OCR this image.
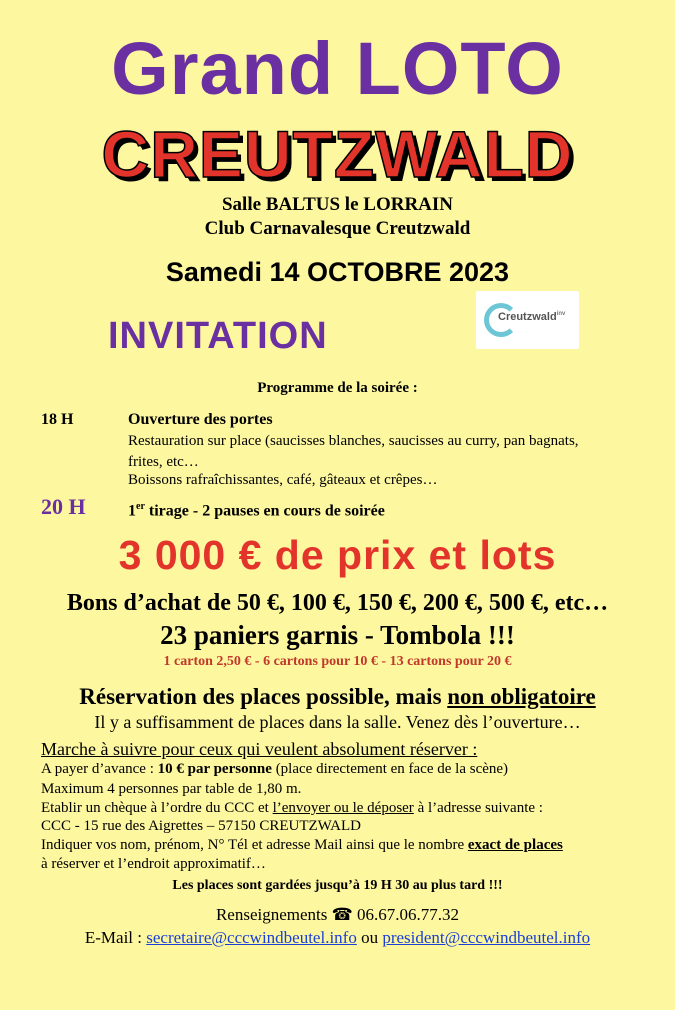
Grand LOTO
CREUTZWALD
Salle BALTUS le LORRAIN
Club Carnavalesque Creutzwald
Samedi 14 OCTOBRE 2023
INVITATION	Creutzwald$^{inv}$
Programme de la soirée :
18 H	Ouverture des portes
Restauration sur place (saucisses blanches, saucisses au curry, pan bagnats,
frites, etc…
Boissons rafraîchissantes, café, gâteaux et crêpes…
20 H	1er tirage - 2 pauses en cours de soirée
3 000 € de prix et lots
Bons d’achat de 50 €, 100 €, 150 €, 200 €, 500 €, etc…
23 paniers garnis - Tombola !!!
1 carton 2,50 € - 6 cartons pour 10 € - 13 cartons pour 20 €
Réservation des places possible, mais non obligatoire
Il y a suffisamment de places dans la salle. Venez dès l’ouverture…
Marche à suivre pour ceux qui veulent absolument réserver :
A payer d’avance : 10 € par personne (place directement en face de la scène)
Maximum 4 personnes par table de 1,80 m.
Etablir un chèque à l’ordre du CCC et l’envoyer ou le déposer à l’adresse suivante :
CCC - 15 rue des Aigrettes – 57150 CREUTZWALD
Indiquer vos nom, prénom, N° Tél et adresse Mail ainsi que le nombre exact de places
à réserver et l’endroit approximatif…
Les places sont gardées jusqu’à 19 H 30 au plus tard !!!
Renseignements ☎ 06.67.06.77.32
E-Mail : secretaire@cccwindbeutel.info ou president@cccwindbeutel.info
